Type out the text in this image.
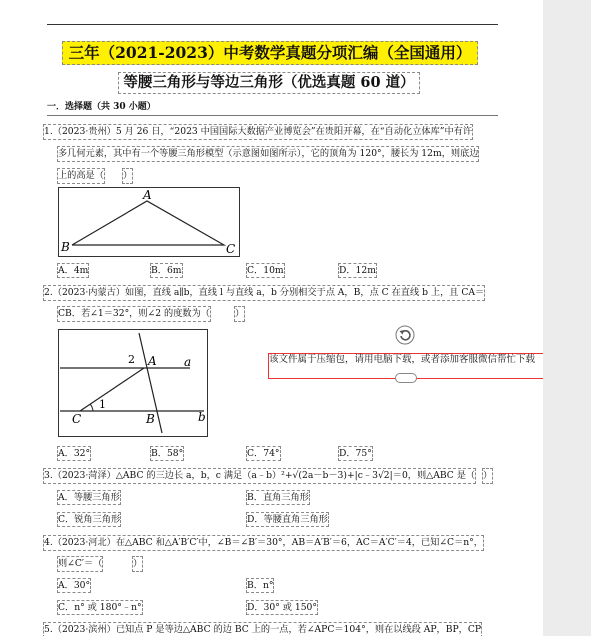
三年（2021-2023）中考数学真题分项汇编（全国通用）
等腰三角形与等边三角形（优选真题 60 道）
一．选择题（共 30 小题）
1.（2023·贵州）5 月 26 日，“2023 中国国际大数据产业博览会”在贵阳开幕，在“自动化立体库”中有许
多几何元素，其中有一个等腰三角形模型（示意图如图所示），它的顶角为 120°，腰长为 12m，则底边
上的高是（ ）
A
B	C
A．4m	B．6m	C．10m	D．12m
2.（2023·内蒙古）如图，直线 a∥b，直线 l 与直线 a，b 分别相交于点 A，B，点 C 在直线 b 上，且 CA＝
CB．若∠1＝32°，则∠2 的度数为（	）
2
1
A a
C	B	b
A．32°	B．58°	C．74°	D．75°
3.（2023·菏泽）△ABC 的三边长 a，b，c 满足（a﹣b）²+√(2a－b－3)+|c﹣3√2|＝0，则△ABC 是（ ）
A．等腰三角形	B．直角三角形
C．锐角三角形	D．等腰直角三角形
4.（2023·河北）在△ABC 和△A′B′C′中，∠B＝∠B′＝30°，AB＝A′B′＝6，AC＝A′C′＝4，已知∠C＝n°，
则∠C′＝（	）
A．30°	B．n°
C．n° 或 180°﹣n°	D．30° 或 150°
5.（2023·滨州）已知点 P 是等边△ABC 的边 BC 上的一点，若∠APC＝104°，则在以线段 AP，BP，CP
该文件属于压缩包，请用电脑下载，或者添加客服微信帮忙下载
